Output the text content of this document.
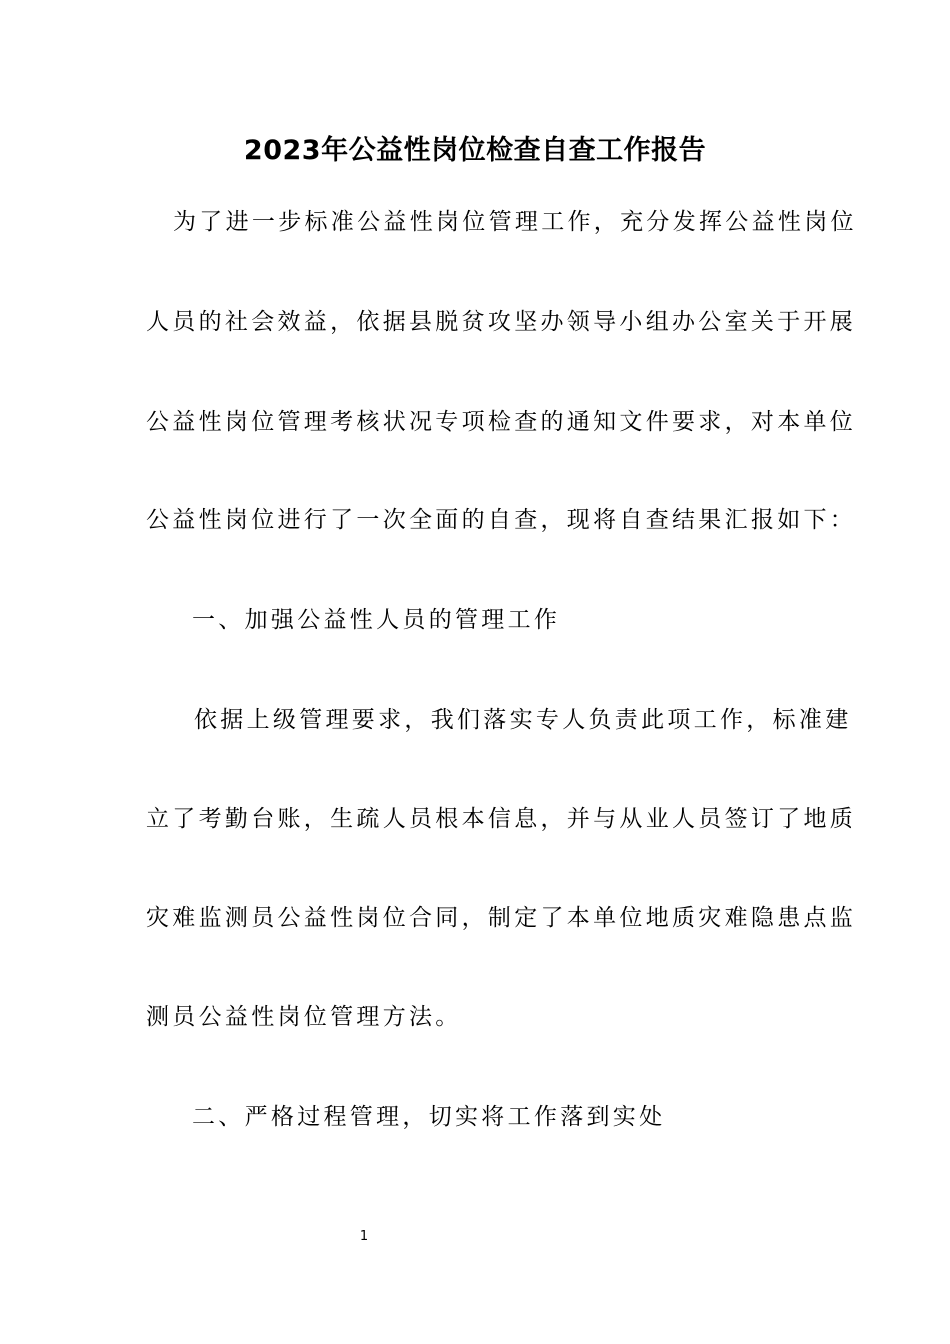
2023年公益性岗位检查自查工作报告
为了进一步标准公益性岗位管理工作，充分发挥公益性岗位
人员的社会效益，依据县脱贫攻坚办领导小组办公室关于开展
公益性岗位管理考核状况专项检查的通知文件要求，对本单位
公益性岗位进行了一次全面的自查，现将自查结果汇报如下：
一、加强公益性人员的管理工作
依据上级管理要求，我们落实专人负责此项工作，标准建
立了考勤台账，生疏人员根本信息，并与从业人员签订了地质
灾难监测员公益性岗位合同，制定了本单位地质灾难隐患点监
测员公益性岗位管理方法。
二、严格过程管理，切实将工作落到实处
1
